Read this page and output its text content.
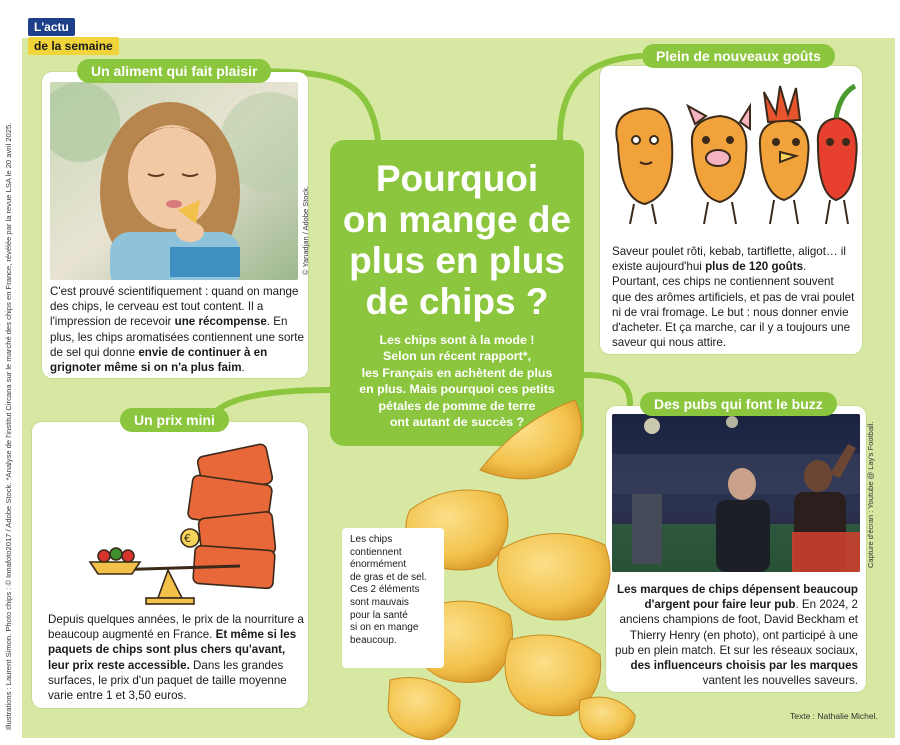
Illustrations : Laurent Simon. Photo chips : © Innafoto2017 / Adobe Stock. *Analyse de l'institut Circana sur le marché des chips en France, révélée par la revue LSA le 20 avril 2025.
L'actu
de la semaine
© Yanadjan / Adobe Stock.

C'est prouvé scientifiquement : quand on mange des chips, le cerveau est tout content. Il a l'impression de recevoir une récompense. En plus, les chips aromatisées contiennent une sorte de sel qui donne envie de continuer à en grignoter même si on n'a plus faim.

Un aliment qui fait plaisir

Saveur poulet rôti, kebab, tartiflette, aligot… il existe aujourd'hui plus de 120 goûts. Pourtant, ces chips ne contiennent souvent que des arômes artificiels, et pas de vrai poulet ni de vrai fromage. Le but : nous donner envie d'acheter. Et ça marche, car il y a toujours une saveur qui nous attire.

Plein de nouveaux goûts
€

Depuis quelques années, le prix de la nourriture a beaucoup augmenté en France. Et même si les paquets de chips sont plus chers qu'avant, leur prix reste accessible. Dans les grandes surfaces, le prix d'un paquet de taille moyenne varie entre 1 et 3,50 euros.

Un prix mini
Capture d'écran : Youtube @ Lay's Football.

Les marques de chips dépensent beaucoup d'argent pour faire leur pub. En 2024, 2 anciens champions de foot, David Beckham et Thierry Henry (en photo), ont participé à une pub en plein match. Et sur les réseaux sociaux, des influenceurs choisis par les marques vantent les nouvelles saveurs.

Des pubs qui font le buzz
Pourquoi
on mange de
plus en plus
de chips ?
Les chips sont à la mode !
Selon un récent rapport*,
les Français en achètent de plus
en plus. Mais pourquoi ces petits
pétales de pomme de terre
ont autant de succès ?
Les chips
contiennent
énormément
de gras et de sel.
Ces 2 éléments
sont mauvais
pour la santé
si on en mange
beaucoup.
Texte : Nathalie Michel.
